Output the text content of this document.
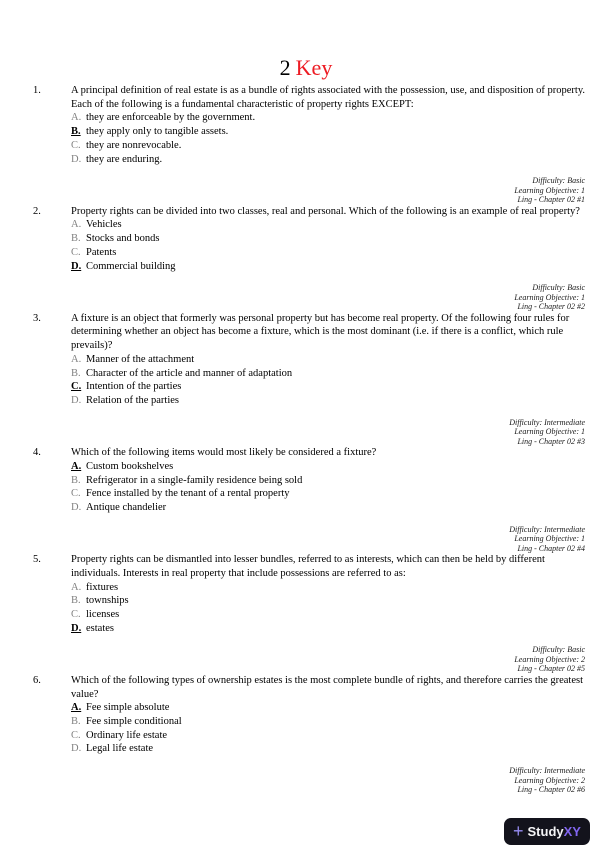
2 Key
1.	A principal definition of real estate is as a bundle of rights associated with the possession, use, and disposition of property. Each of the following is a fundamental characteristic of property rights EXCEPT:
A. they are enforceable by the government.
B. they apply only to tangible assets.
C. they are nonrevocable.
D. they are enduring.
Difficulty: Basic
Learning Objective: 1
Ling - Chapter 02 #1
2.	Property rights can be divided into two classes, real and personal. Which of the following is an example of real property?
A. Vehicles
B. Stocks and bonds
C. Patents
D. Commercial building
Difficulty: Basic
Learning Objective: 1
Ling - Chapter 02 #2
3.	A fixture is an object that formerly was personal property but has become real property. Of the following four rules for determining whether an object has become a fixture, which is the most dominant (i.e. if there is a conflict, which rule prevails)?
A. Manner of the attachment
B. Character of the article and manner of adaptation
C. Intention of the parties
D. Relation of the parties
Difficulty: Intermediate
Learning Objective: 1
Ling - Chapter 02 #3
4.	Which of the following items would most likely be considered a fixture?
A. Custom bookshelves
B. Refrigerator in a single-family residence being sold
C. Fence installed by the tenant of a rental property
D. Antique chandelier
Difficulty: Intermediate
Learning Objective: 1
Ling - Chapter 02 #4
5.	Property rights can be dismantled into lesser bundles, referred to as interests, which can then be held by different individuals. Interests in real property that include possessions are referred to as:
A. fixtures
B. townships
C. licenses
D. estates
Difficulty: Basic
Learning Objective: 2
Ling - Chapter 02 #5
6.	Which of the following types of ownership estates is the most complete bundle of rights, and therefore carries the greatest value?
A. Fee simple absolute
B. Fee simple conditional
C. Ordinary life estate
D. Legal life estate
Difficulty: Intermediate
Learning Objective: 2
Ling - Chapter 02 #6
+ StudyXY
